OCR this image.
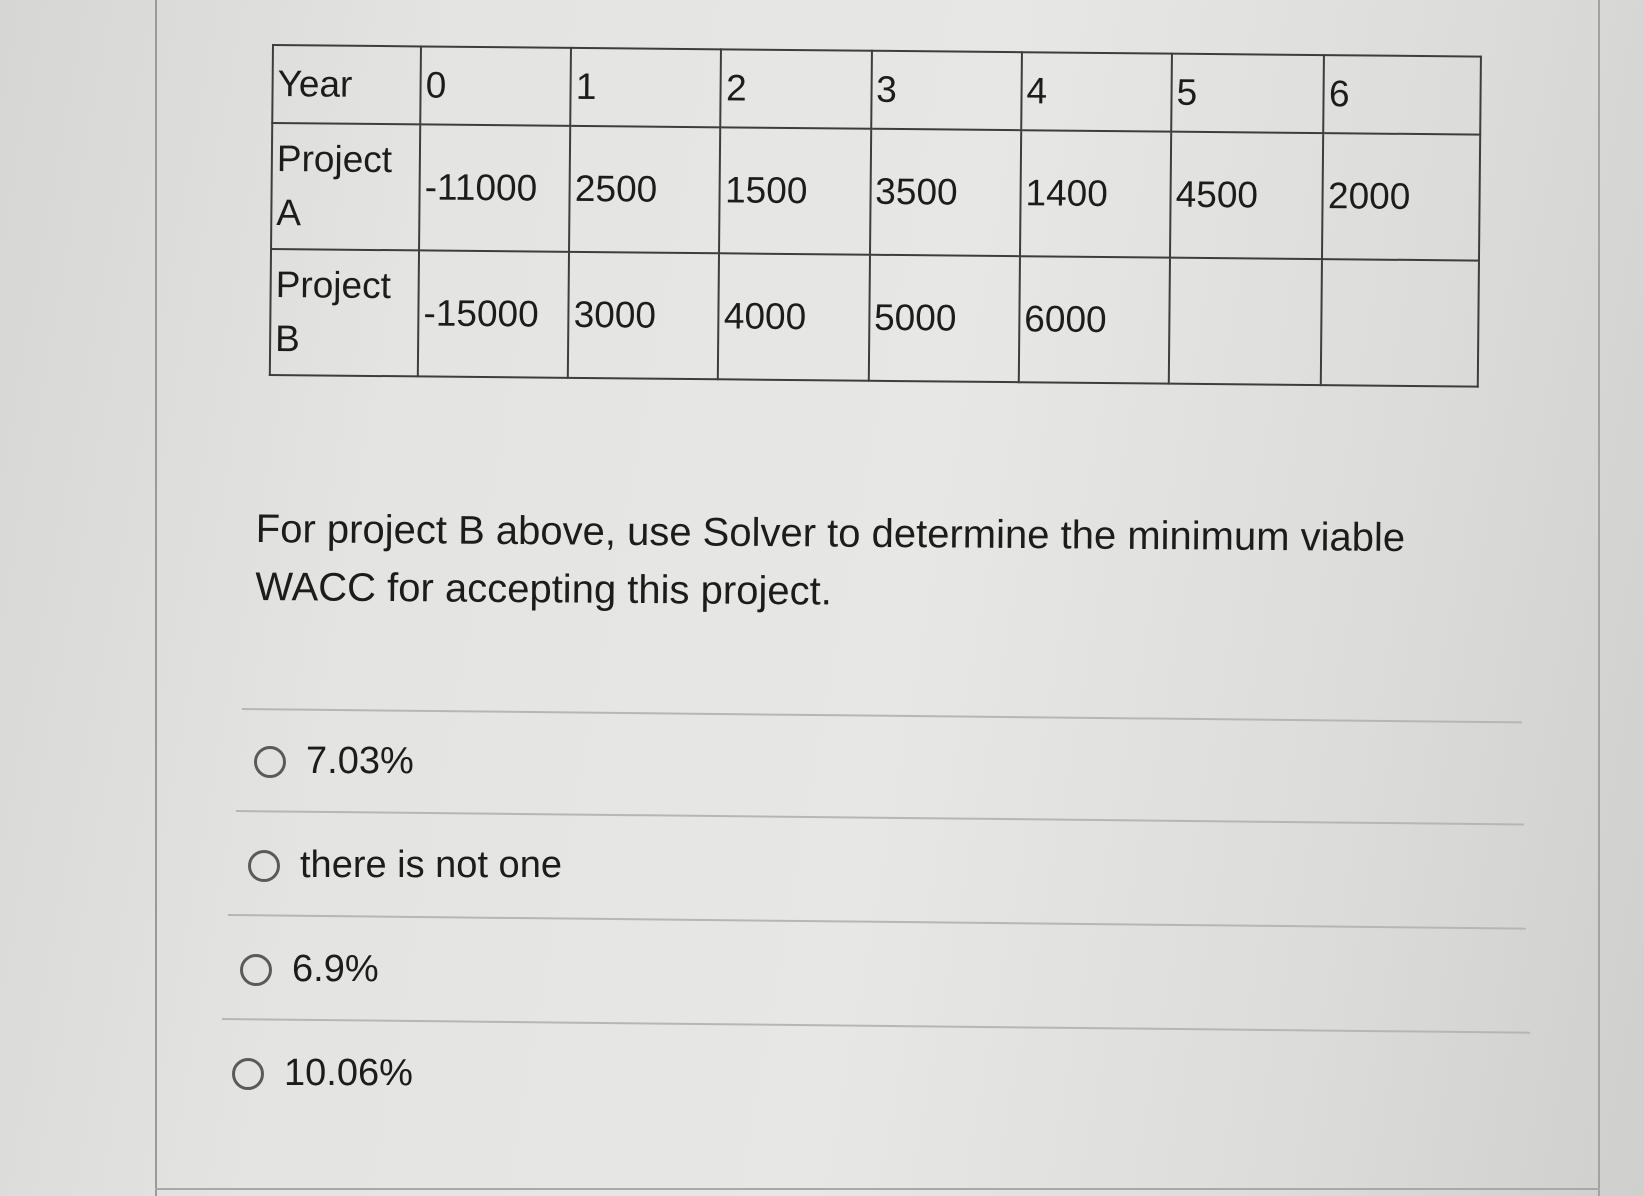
Year	0	1	2	3	4	5	6
Project
A	-11000	2500	1500	3500	1400	4500	2000
Project
B	-15000	3000	4000	5000	6000		

For project B above, use Solver to determine the minimum viable WACC for accepting this project.

7.03%
there is not one
6.9%
10.06%
